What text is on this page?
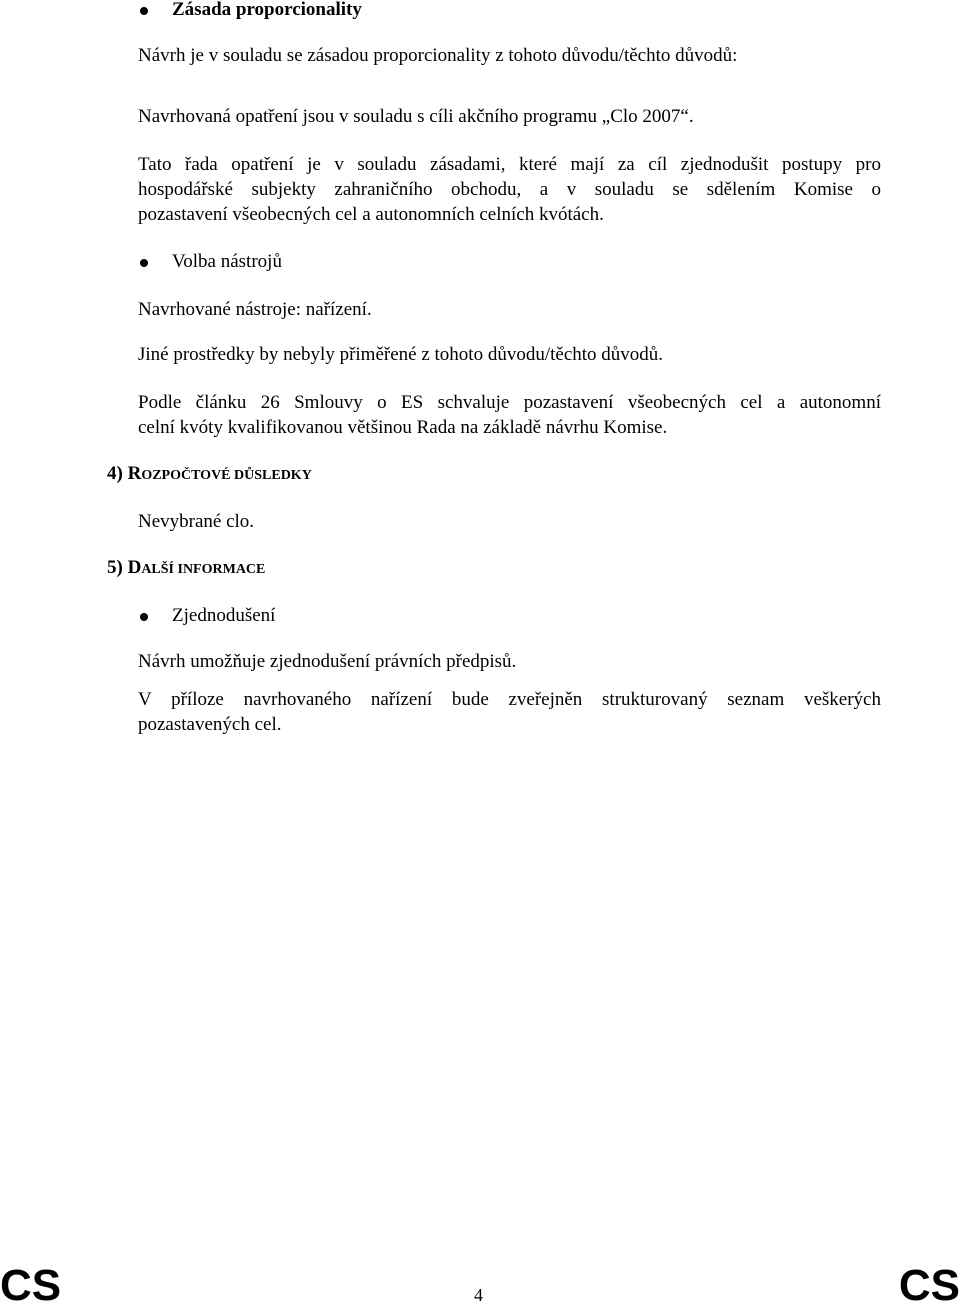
Zásada proporcionality
Návrh je v souladu se zásadou proporcionality z tohoto důvodu/těchto důvodů:
Navrhovaná opatření jsou v souladu s cíli akčního programu „Clo 2007“.
Tato řada opatření je v souladu zásadami, které mají za cíl zjednodušit postupy pro
hospodářské subjekty zahraničního obchodu, a v souladu se sdělením Komise o
pozastavení všeobecných cel a autonomních celních kvótách.
Volba nástrojů
Navrhované nástroje: nařízení.
Jiné prostředky by nebyly přiměřené z tohoto důvodu/těchto důvodů.
Podle článku 26 Smlouvy o ES schvaluje pozastavení všeobecných cel a autonomní
celní kvóty kvalifikovanou většinou Rada na základě návrhu Komise.
4) ROZPOČTOVÉ DŮSLEDKY
Nevybrané clo.
5) DALŠÍ INFORMACE
Zjednodušení
Návrh umožňuje zjednodušení právních předpisů.
V příloze navrhovaného nařízení bude zveřejněn strukturovaný seznam veškerých
pozastavených cel.
CS	4	CS
